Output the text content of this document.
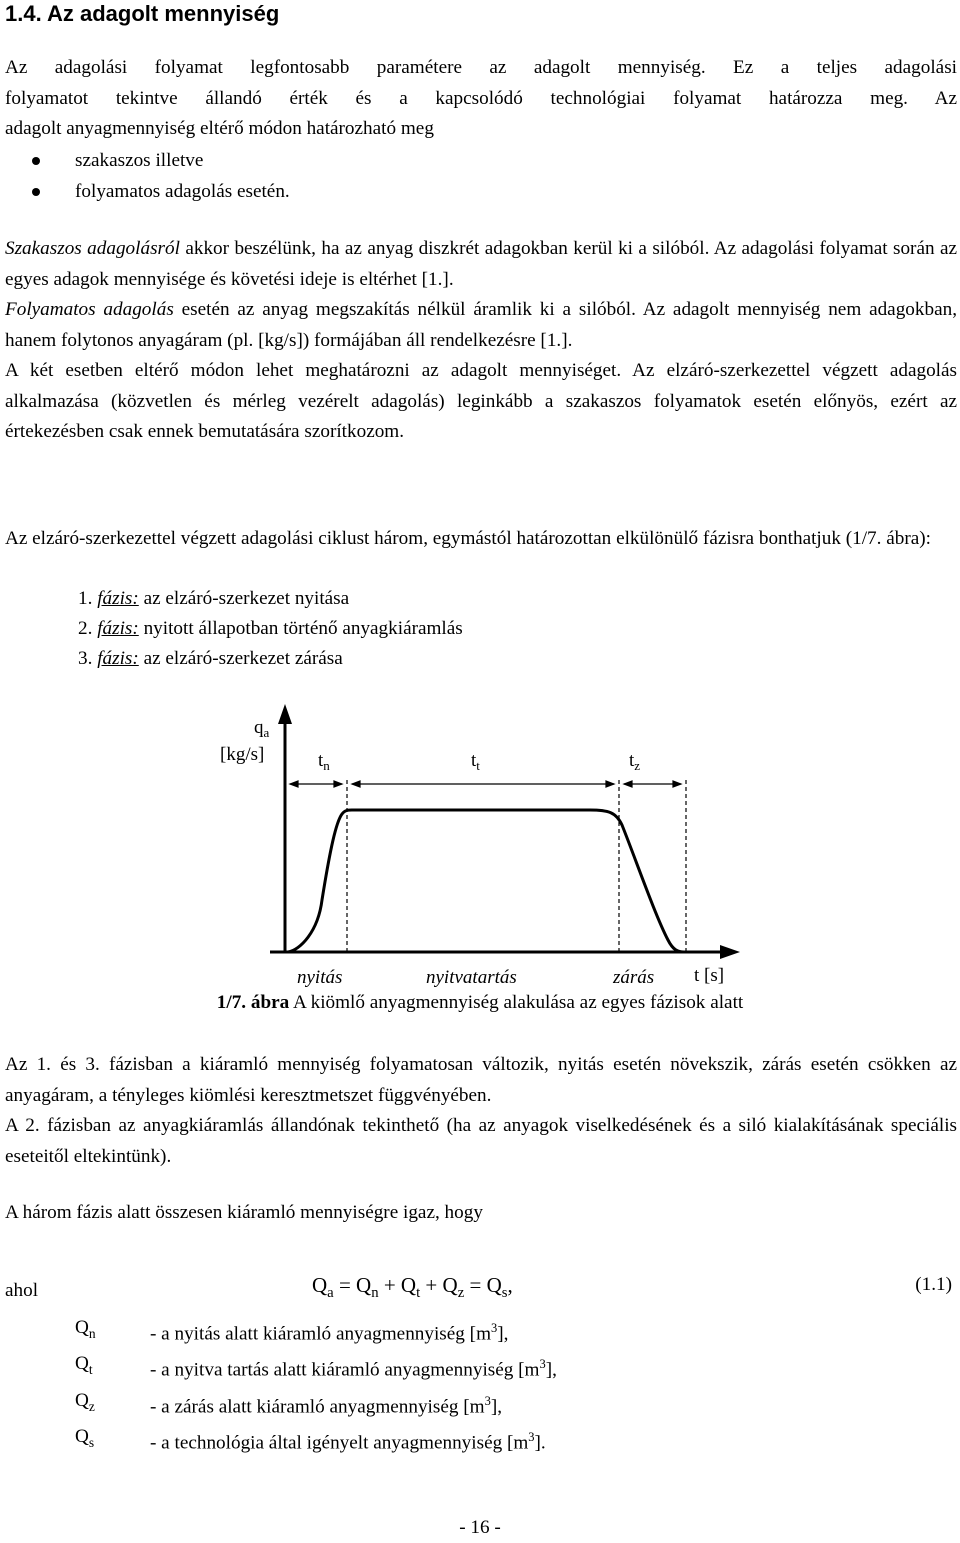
1.4. Az adagolt mennyiség
Az adagolási folyamat legfontosabb paramétere az adagolt mennyiség. Ez a teljes adagolási
folyamatot tekintve állandó érték és a kapcsolódó technológiai folyamat határozza meg. Az
adagolt anyagmennyiség eltérő módon határozható meg
szakaszos illetve
folyamatos adagolás esetén.
Szakaszos adagolásról akkor beszélünk, ha az anyag diszkrét adagokban kerül ki a silóból. Az adagolási folyamat során az egyes adagok mennyisége és követési ideje is eltérhet [1.].
Folyamatos adagolás esetén az anyag megszakítás nélkül áramlik ki a silóból. Az adagolt mennyiség nem adagokban, hanem folytonos anyagáram (pl. [kg/s]) formájában áll rendelkezésre [1.].
A két esetben eltérő módon lehet meghatározni az adagolt mennyiséget. Az elzáró-szerkezettel végzett adagolás alkalmazása (közvetlen és mérleg vezérelt adagolás) leginkább a szakaszos folyamatok esetén előnyös, ezért az értekezésben csak ennek bemutatására szorítkozom.
Az elzáró-szerkezettel végzett adagolási ciklust három, egymástól határozottan elkülönülő fázisra bonthatjuk (1/7. ábra):
1. fázis: az elzáró-szerkezet nyitása
2. fázis: nyitott állapotban történő anyagkiáramlás
3. fázis: az elzáró-szerkezet zárása
$q_a$
[kg/s]	$t_n$	$t_t$	$t_z$
nyitás	nyitvatartás	zárás t [s]
1/7. ábra A kiömlő anyagmennyiség alakulása az egyes fázisok alatt
Az 1. és 3. fázisban a kiáramló mennyiség folyamatosan változik, nyitás esetén növekszik, zárás esetén csökken az anyagáram, a tényleges kiömlési keresztmetszet függvényében.
A 2. fázisban az anyagkiáramlás állandónak tekinthető (ha az anyagok viselkedésének és a siló kialakításának speciális eseteitől eltekintünk).
A három fázis alatt összesen kiáramló mennyiségre igaz, hogy
$Q_a = Q_n + Q_t + Q_z = Q_s$,	(1.1)
ahol
$Q_n$	- a nyitás alatt kiáramló anyagmennyiség $[m^3]$,
$Q_t$	- a nyitva tartás alatt kiáramló anyagmennyiség $[m^3]$,
$Q_z$	- a zárás alatt kiáramló anyagmennyiség $[m^3]$,
$Q_s$	- a technológia által igényelt anyagmennyiség $[m^3]$.
- 16 -
